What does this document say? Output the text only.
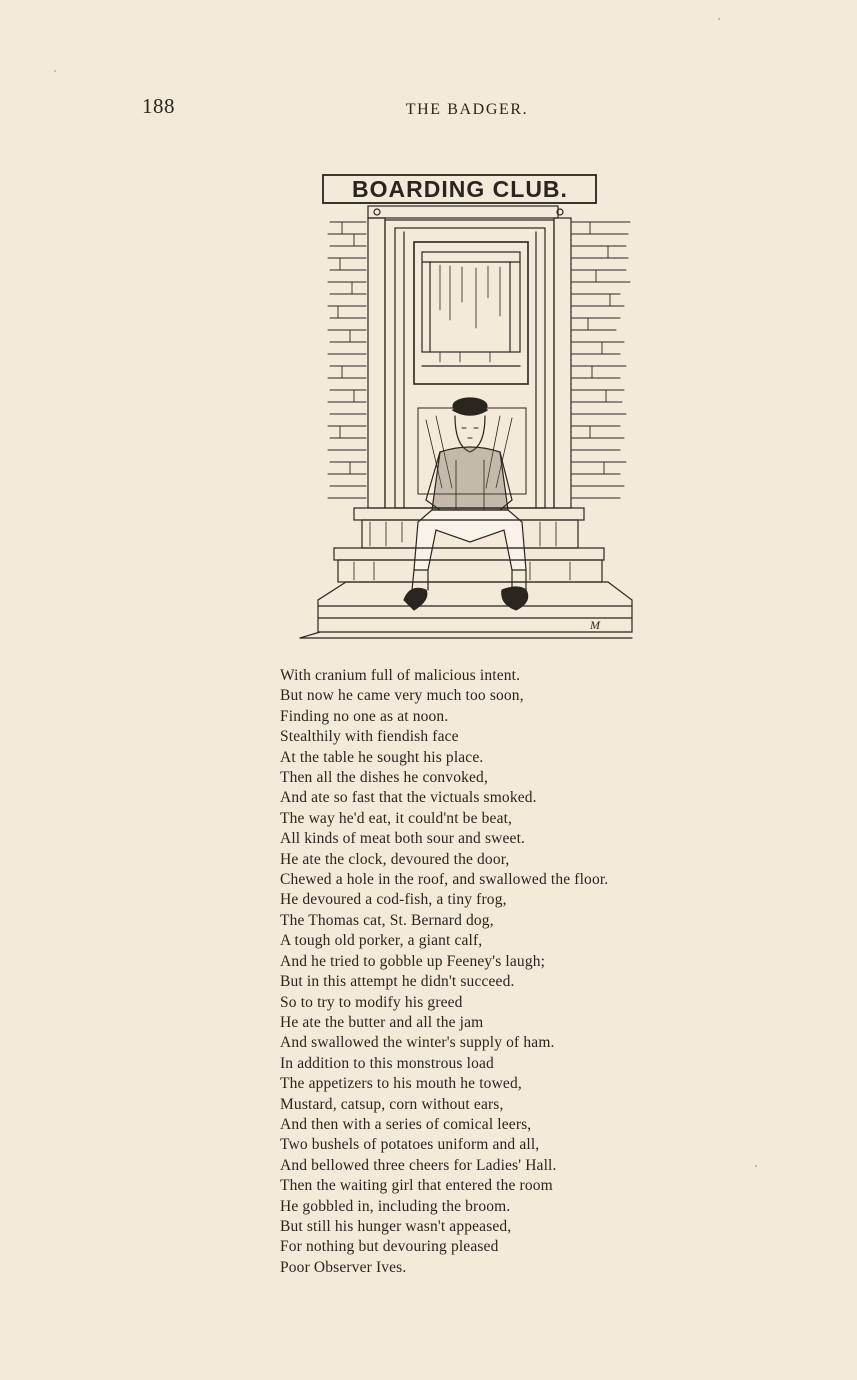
188	THE BADGER.
BOARDING CLUB.
M
With cranium full of malicious intent.
But now he came very much too soon,
Finding no one as at noon.
Stealthily with fiendish face
At the table he sought his place.
Then all the dishes he convoked,
And ate so fast that the victuals smoked.
The way he'd eat, it could'nt be beat,
All kinds of meat both sour and sweet.
He ate the clock, devoured the door,
Chewed a hole in the roof, and swallowed the floor.
He devoured a cod-fish, a tiny frog,
The Thomas cat, St. Bernard dog,
A tough old porker, a giant calf,
And he tried to gobble up Feeney's laugh;
But in this attempt he didn't succeed.
So to try to modify his greed
He ate the butter and all the jam
And swallowed the winter's supply of ham.
In addition to this monstrous load
The appetizers to his mouth he towed,
Mustard, catsup, corn without ears,
And then with a series of comical leers,
Two bushels of potatoes uniform and all,
And bellowed three cheers for Ladies' Hall.
Then the waiting girl that entered the room
He gobbled in, including the broom.
But still his hunger wasn't appeased,
For nothing but devouring pleased
Poor Observer Ives.
